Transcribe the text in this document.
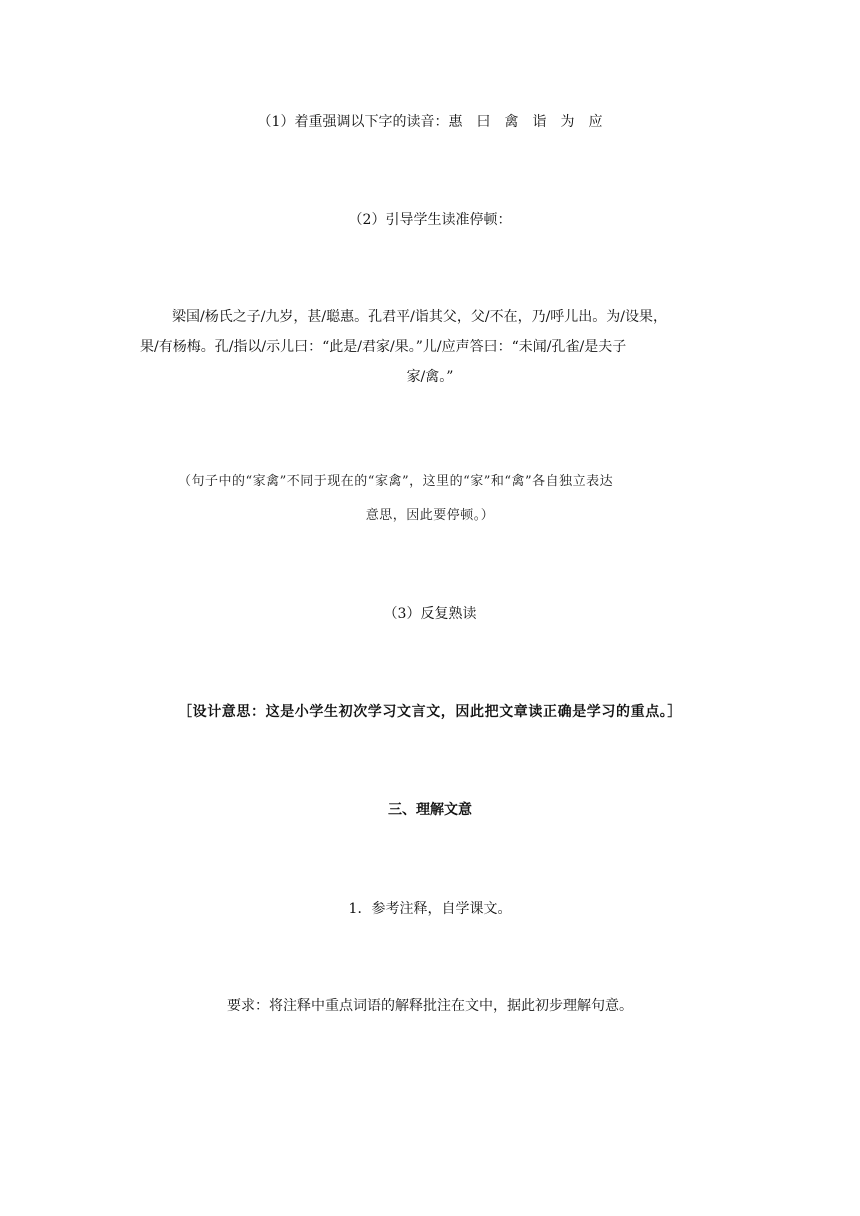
（1）着重强调以下字的读音：惠　曰　禽　诣　为　应
（2）引导学生读准停顿：
梁国/杨氏之子/九岁，甚/聪惠。孔君平/诣其父，父/不在，乃/呼儿出。为/设果，
果/有杨梅。孔/指以/示儿曰：“此是/君家/果。”儿/应声答曰：“未闻/孔雀/是夫子
家/禽。”
（句子中的“家禽”不同于现在的“家禽”，这里的“家”和“禽”各自独立表达
意思，因此要停顿。）
（3）反复熟读
［设计意思：这是小学生初次学习文言文，因此把文章读正确是学习的重点。］
三、理解文意
1．参考注释，自学课文。
要求：将注释中重点词语的解释批注在文中，据此初步理解句意。
